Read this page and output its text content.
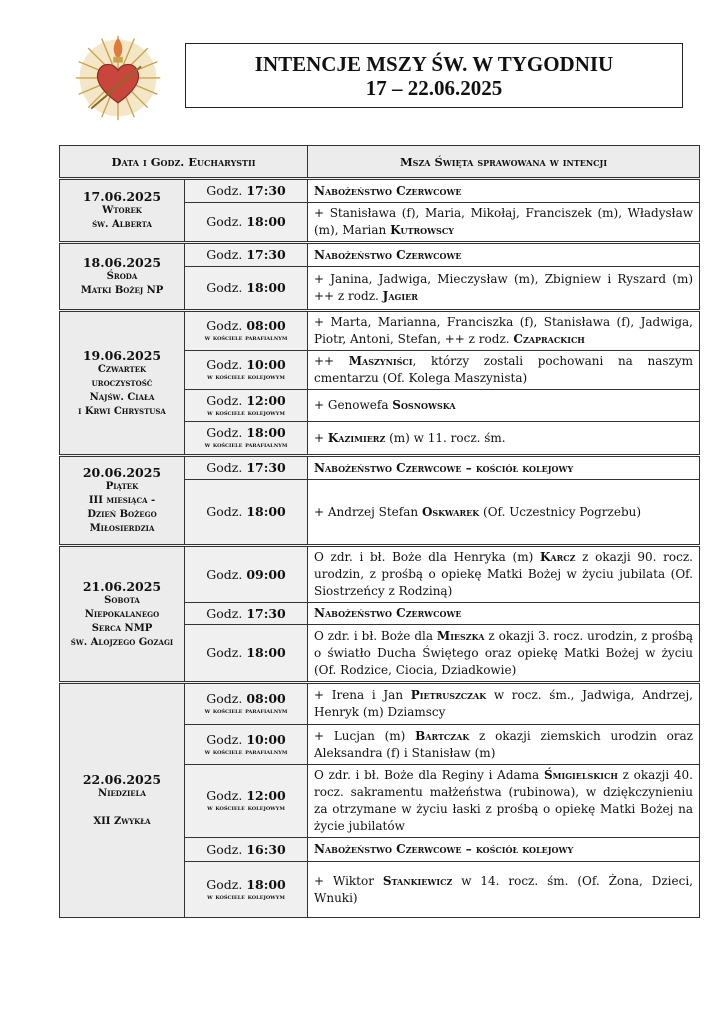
INTENCJE MSZY ŚW. W TYGODNIU
17 – 22.06.2025
Data i Godz. Eucharystii		Msza Święta sprawowana w intencji

17.06.2025
Wtorek
św. Alberta	Godz. 17:30	Nabożeństwo Czerwcowe
	Godz. 18:00	+ Stanisława (f), Maria, Mikołaj, Franciszek (m), Władysław (m), Marian Kutrowscy

18.06.2025
Środa
Matki Bożej NP	Godz. 17:30	Nabożeństwo Czerwcowe
	Godz. 18:00	+ Janina, Jadwiga, Mieczysław (m), Zbigniew i Ryszard (m) ++ z rodz. Jagier

19.06.2025
Czwartek
uroczystość
Najśw. Ciała
i Krwi Chrystusa	Godz. 08:00
w kościele parafialnym	+ Marta, Marianna, Franciszka (f), Stanisława (f), Jadwiga, Piotr, Antoni, Stefan, ++ z rodz. Czaprackich
	Godz. 10:00
w kościele kolejowym	++ Maszyniści, którzy zostali pochowani na naszym cmentarzu (Of. Kolega Maszynista)
	Godz. 12:00
w kościele kolejowym	+ Genowefa Sosnowska
	Godz. 18:00
w kościele parafialnym	+ Kazimierz (m) w 11. rocz. śm.

20.06.2025
Piątek
III miesiąca -
Dzień Bożego
Miłosierdzia	Godz. 17:30	Nabożeństwo Czerwcowe – kościół kolejowy
	Godz. 18:00	+ Andrzej Stefan Oskwarek (Of. Uczestnicy Pogrzebu)

21.06.2025
Sobota
Niepokalanego
Serca NMP
św. Alojzego Gozagi	Godz. 09:00	O zdr. i bł. Boże dla Henryka (m) Karcz z okazji 90. rocz. urodzin, z prośbą o opiekę Matki Bożej w życiu jubilata (Of. Siostrzeńcy z Rodziną)
	Godz. 17:30	Nabożeństwo Czerwcowe
	Godz. 18:00	O zdr. i bł. Boże dla Mieszka z okazji 3. rocz. urodzin, z prośbą o światło Ducha Świętego oraz opiekę Matki Bożej w życiu (Of. Rodzice, Ciocia, Dziadkowie)

22.06.2025
Niedziela

XII Zwykła	Godz. 08:00
w kościele parafialnym	+ Irena i Jan Pietruszczak w rocz. śm., Jadwiga, Andrzej, Henryk (m) Dziamscy
	Godz. 10:00
w kościele parafialnym	+ Lucjan (m) Bartczak z okazji ziemskich urodzin oraz Aleksandra (f) i Stanisław (m)
	Godz. 12:00
w kościele kolejowym	O zdr. i bł. Boże dla Reginy i Adama Śmigielskich z okazji 40. rocz. sakramentu małżeństwa (rubinowa), w dziękczynieniu za otrzymane w życiu łaski z prośbą o opiekę Matki Bożej na życie jubilatów
	Godz. 16:30	Nabożeństwo Czerwcowe – kościół kolejowy
	Godz. 18:00
w kościele kolejowym	+ Wiktor Stankiewicz w 14. rocz. śm. (Of. Żona, Dzieci, Wnuki)
